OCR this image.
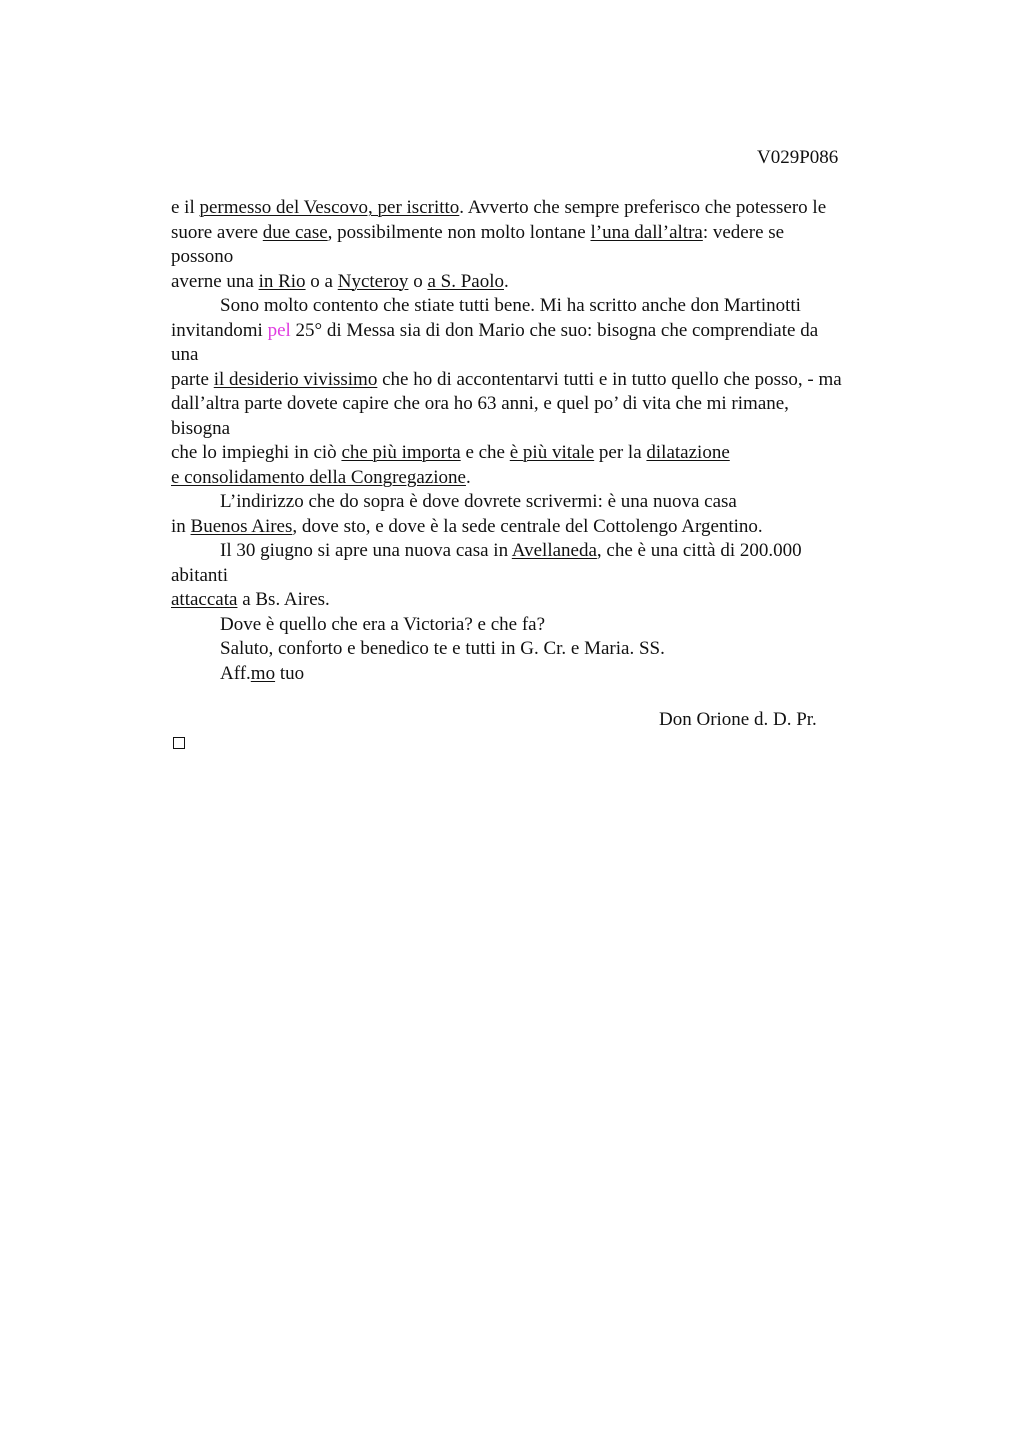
V029P086
e il permesso del Vescovo, per iscritto. Avverto che sempre preferisco che potessero le
suore avere due case, possibilmente non molto lontane l’una dall’altra: vedere se
possono
averne una in Rio o a Nycteroy o a S. Paolo.
Sono molto contento che stiate tutti bene. Mi ha scritto anche don Martinotti
invitandomi pel 25° di Messa sia di don Mario che suo: bisogna che comprendiate da
una
parte il desiderio vivissimo che ho di accontentarvi tutti e in tutto quello che posso, - ma
dall’altra parte dovete capire che ora ho 63 anni, e quel po’ di vita che mi rimane,
bisogna
che lo impieghi in ciò che più importa e che è più vitale per la dilatazione
e consolidamento della Congregazione.
L’indirizzo che do sopra è dove dovrete scrivermi: è una nuova casa
in Buenos Aires, dove sto, e dove è la sede centrale del Cottolengo Argentino.
Il 30 giugno si apre una nuova casa in Avellaneda, che è una città di 200.000
abitanti
attaccata a Bs. Aires.
Dove è quello che era a Victoria? e che fa?
Saluto, conforto e benedico te e tutti in G. Cr. e Maria. SS.
Aff.mo tuo
Don Orione d. D. Pr.
